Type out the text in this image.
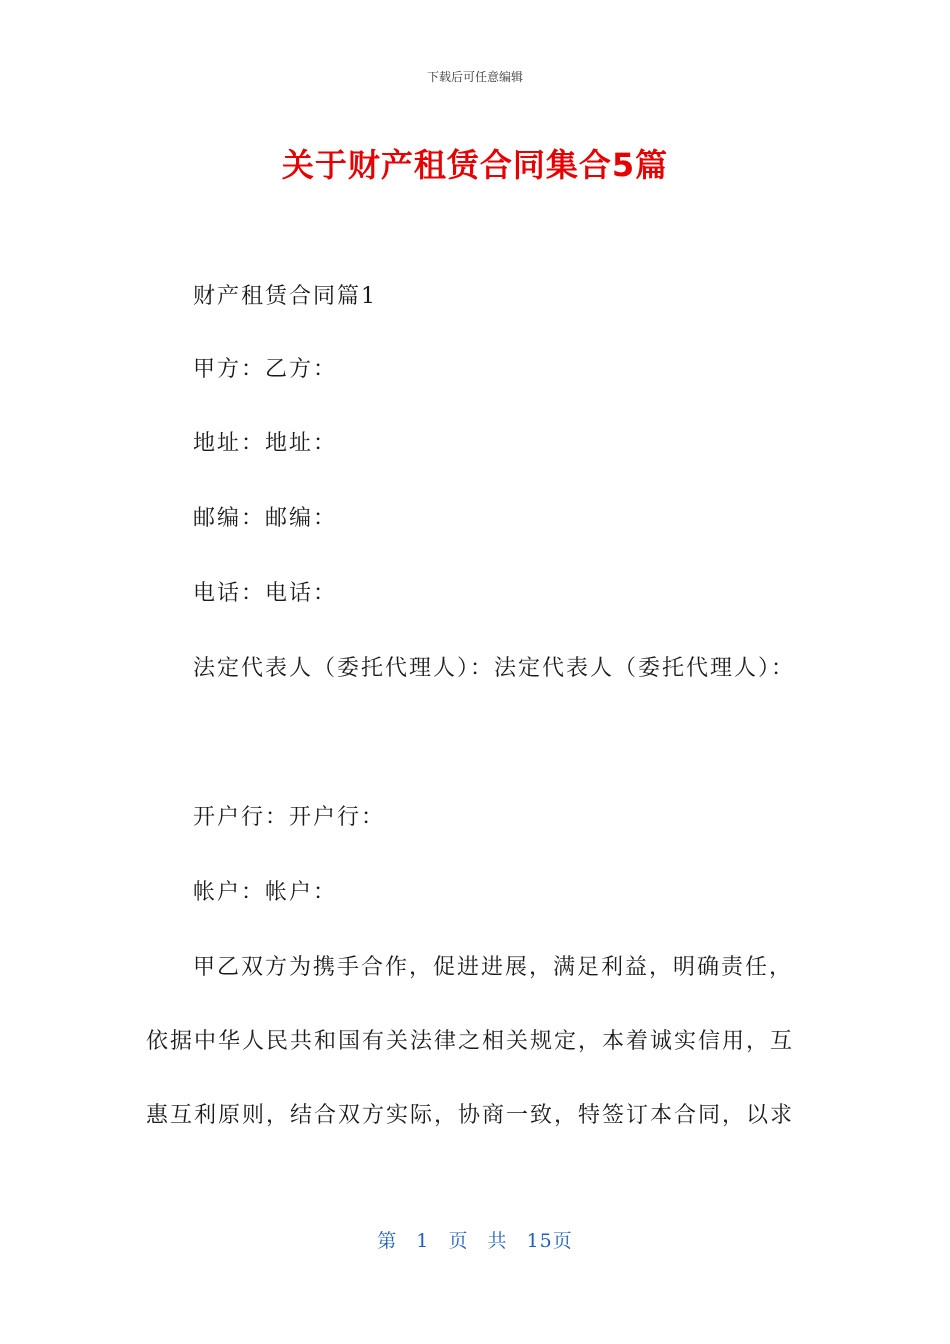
下载后可任意编辑
关于财产租赁合同集合5篇
财产租赁合同篇1
甲方：乙方：
地址：地址：
邮编：邮编：
电话：电话：
法定代表人（委托代理人）：法定代表人（委托代理人）：
开户行：开户行：
帐户：帐户：
甲乙双方为携手合作，促进进展，满足利益，明确责任，
依据中华人民共和国有关法律之相关规定，本着诚实信用，互
惠互利原则，结合双方实际，协商一致，特签订本合同，以求
第 1 页 共 15页
